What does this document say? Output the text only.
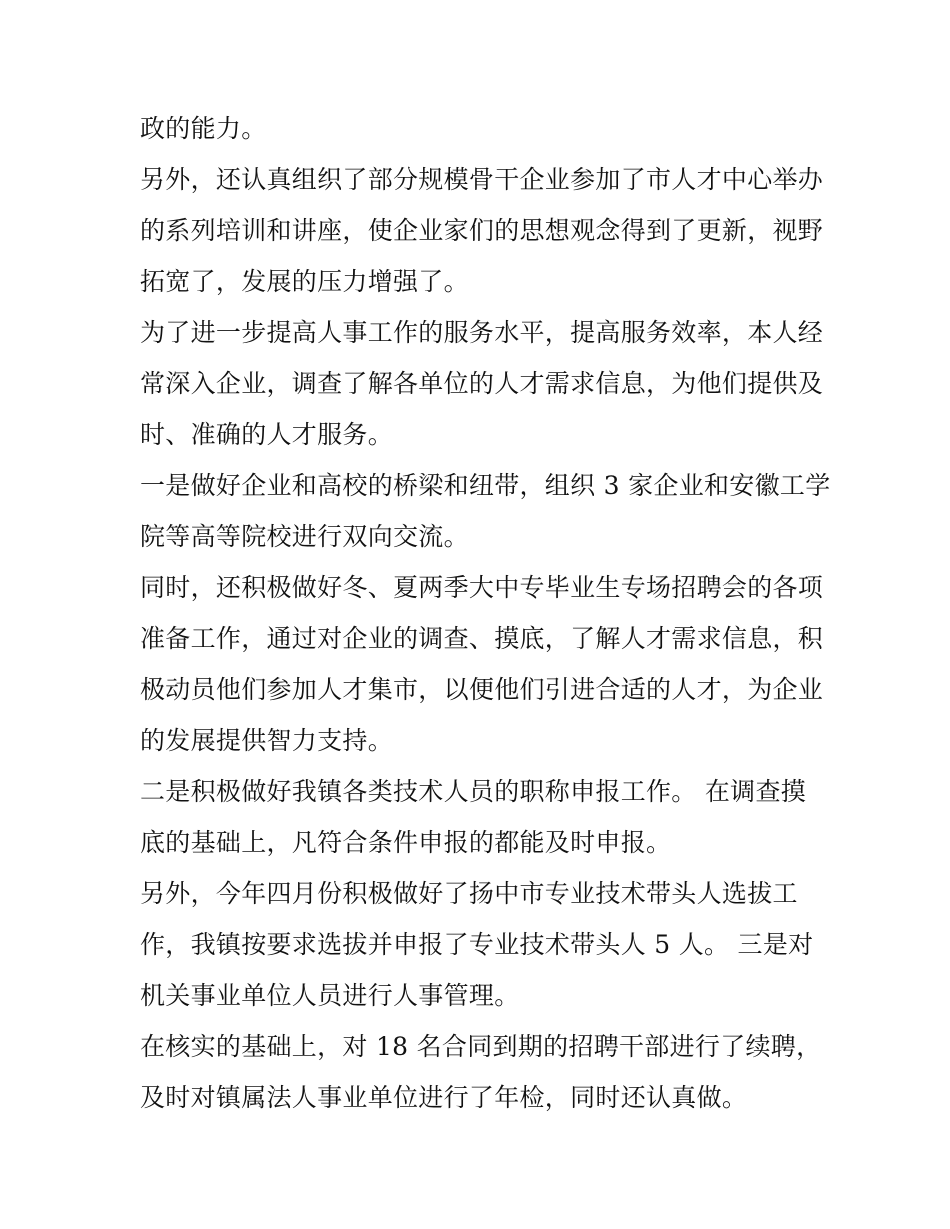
政的能力。
另外，还认真组织了部分规模骨干企业参加了市人才中心举办
的系列培训和讲座，使企业家们的思想观念得到了更新，视野
拓宽了，发展的压力增强了。
为了进一步提高人事工作的服务水平，提高服务效率，本人经
常深入企业，调查了解各单位的人才需求信息，为他们提供及
时、准确的人才服务。
一是做好企业和高校的桥梁和纽带，组织 3 家企业和安徽工学
院等高等院校进行双向交流。
同时，还积极做好冬、夏两季大中专毕业生专场招聘会的各项
准备工作，通过对企业的调查、摸底，了解人才需求信息，积
极动员他们参加人才集市，以便他们引进合适的人才，为企业
的发展提供智力支持。
二是积极做好我镇各类技术人员的职称申报工作。 在调查摸
底的基础上，凡符合条件申报的都能及时申报。
另外，今年四月份积极做好了扬中市专业技术带头人选拔工
作，我镇按要求选拔并申报了专业技术带头人 5 人。 三是对
机关事业单位人员进行人事管理。
在核实的基础上，对 18 名合同到期的招聘干部进行了续聘，
及时对镇属法人事业单位进行了年检，同时还认真做。
